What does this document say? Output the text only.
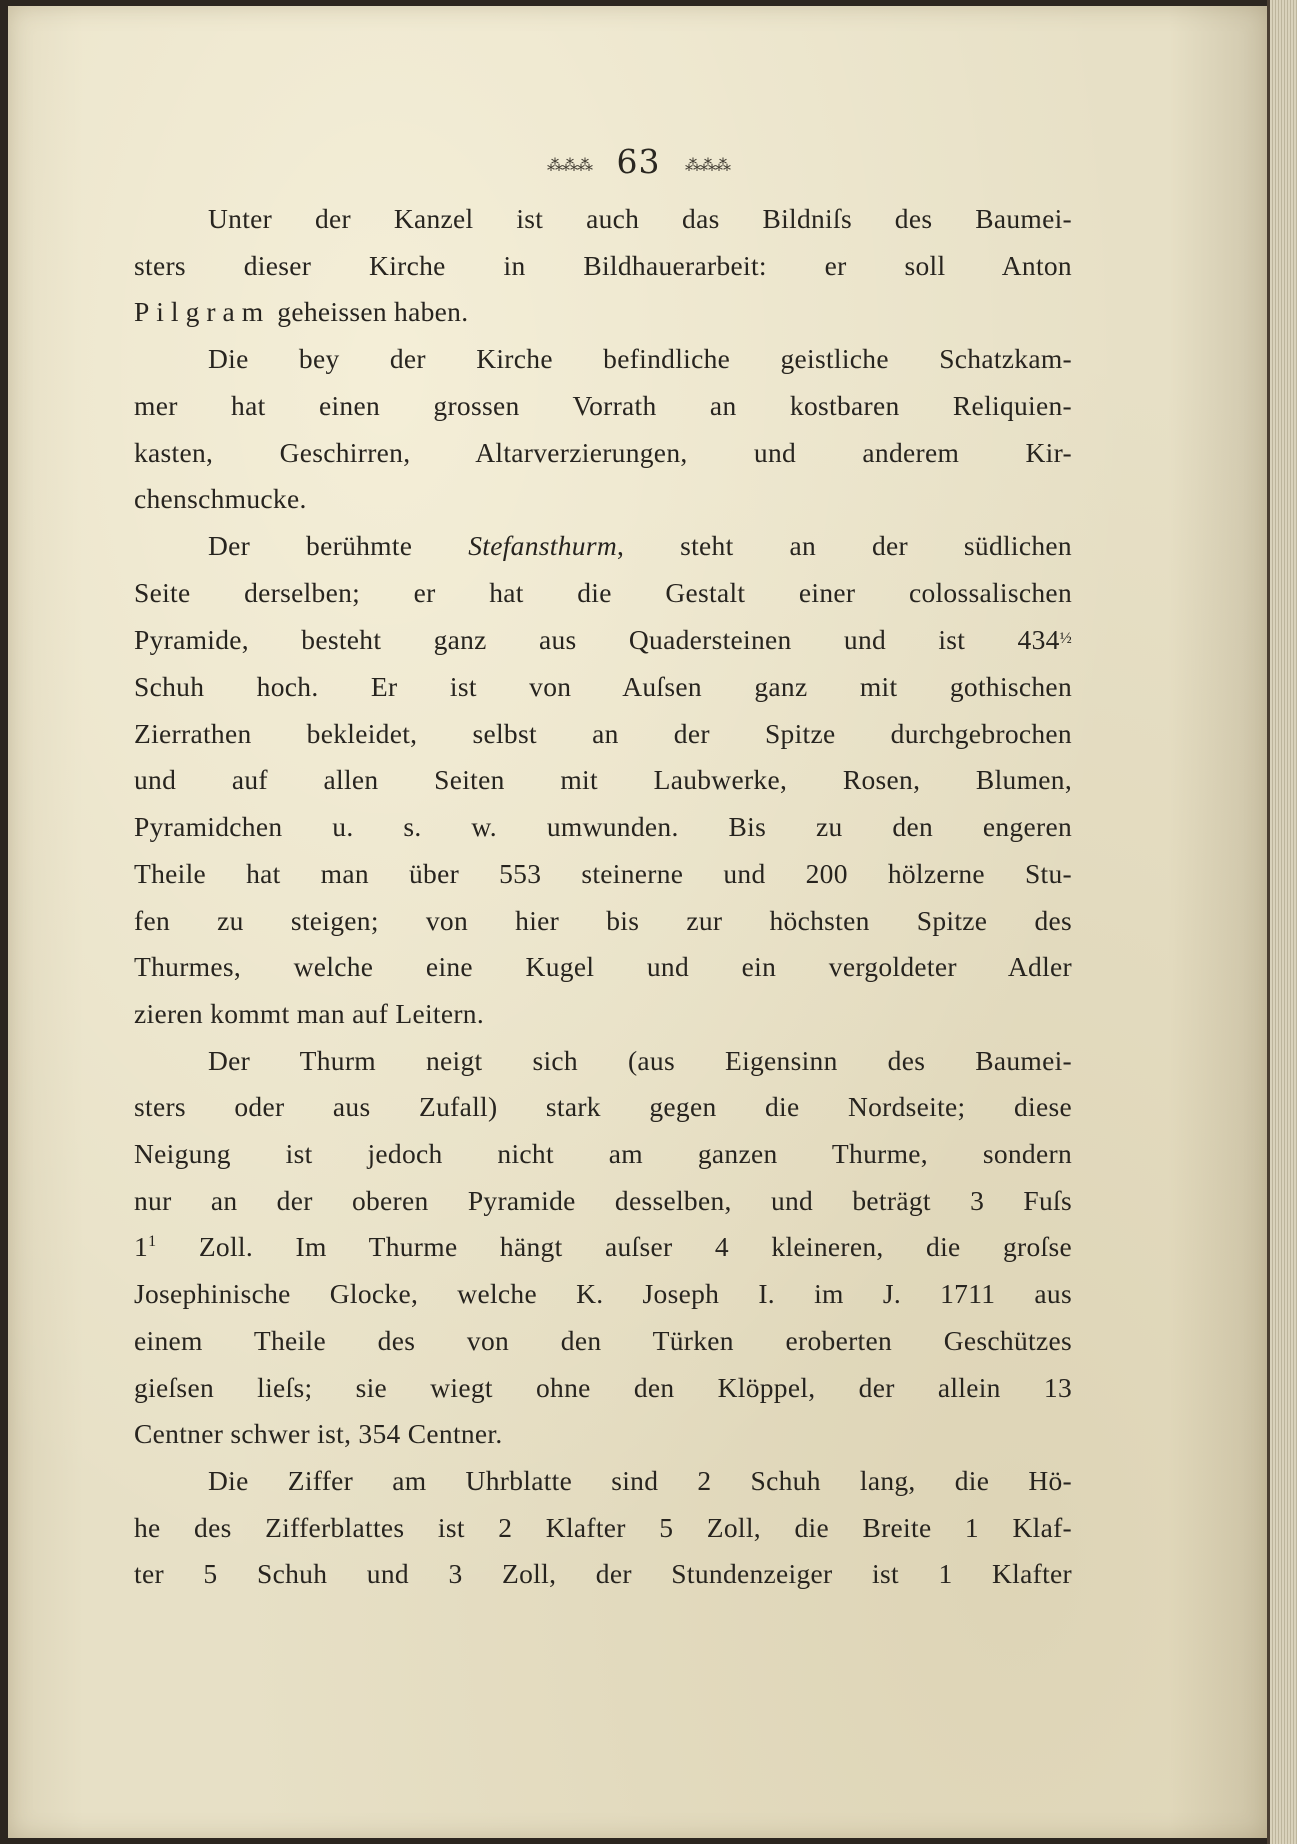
⁂⁂⁂ 63 ⁂⁂⁂

Unter der Kanzel ist auch das Bildniſs des Baumei-
sters dieser Kirche in Bildhauerarbeit: er soll Anton
Pilgram geheissen haben.

Die bey der Kirche befindliche geistliche Schatzkam-
mer hat einen grossen Vorrath an kostbaren Reliquien-
kasten, Geschirren, Altarverzierungen, und anderem Kir-
chenschmucke.

Der berühmte Stefansthurm, steht an der südlichen
Seite derselben; er hat die Gestalt einer colossalischen
Pyramide, besteht ganz aus Quadersteinen und ist $434^{\frac{1}{2}}$
Schuh hoch. Er ist von Auſsen ganz mit gothischen
Zierrathen bekleidet, selbst an der Spitze durchgebrochen
und auf allen Seiten mit Laubwerke, Rosen, Blumen,
Pyramidchen u. s. w. umwunden. Bis zu den engeren
Theile hat man über 553 steinerne und 200 hölzerne Stu-
fen zu steigen; von hier bis zur höchsten Spitze des
Thurmes, welche eine Kugel und ein vergoldeter Adler
zieren kommt man auf Leitern.

Der Thurm neigt sich (aus Eigensinn des Baumei-
sters oder aus Zufall) stark gegen die Nordseite; diese
Neigung ist jedoch nicht am ganzen Thurme, sondern
nur an der oberen Pyramide desselben, und beträgt 3 Fuſs
$1^1$ Zoll. Im Thurme hängt auſser 4 kleineren, die groſse
Josephinische Glocke, welche K. Joseph I. im J. 1711 aus
einem Theile des von den Türken eroberten Geschützes
gieſsen lieſs; sie wiegt ohne den Klöppel, der allein 13
Centner schwer ist, 354 Centner.

Die Ziffer am Uhrblatte sind 2 Schuh lang, die Hö-
he des Zifferblattes ist 2 Klafter 5 Zoll, die Breite 1 Klaf-
ter 5 Schuh und 3 Zoll, der Stundenzeiger ist 1 Klafter
